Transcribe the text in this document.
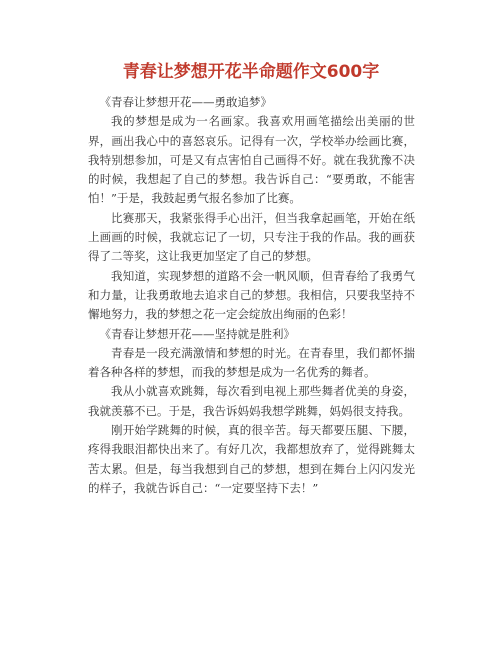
青春让梦想开花半命题作文600字

《青春让梦想开花——勇敢追梦》

我的梦想是成为一名画家。我喜欢用画笔描绘出美丽的世界，画出我心中的喜怒哀乐。记得有一次，学校举办绘画比赛，我特别想参加，可是又有点害怕自己画得不好。就在我犹豫不决的时候，我想起了自己的梦想。我告诉自己：“要勇敢，不能害怕！”于是，我鼓起勇气报名参加了比赛。

比赛那天，我紧张得手心出汗，但当我拿起画笔，开始在纸上画画的时候，我就忘记了一切，只专注于我的作品。我的画获得了二等奖，这让我更加坚定了自己的梦想。

我知道，实现梦想的道路不会一帆风顺，但青春给了我勇气和力量，让我勇敢地去追求自己的梦想。我相信，只要我坚持不懈地努力，我的梦想之花一定会绽放出绚丽的色彩！

《青春让梦想开花——坚持就是胜利》

青春是一段充满激情和梦想的时光。在青春里，我们都怀揣着各种各样的梦想，而我的梦想是成为一名优秀的舞者。

我从小就喜欢跳舞，每次看到电视上那些舞者优美的身姿，我就羡慕不已。于是，我告诉妈妈我想学跳舞，妈妈很支持我。

刚开始学跳舞的时候，真的很辛苦。每天都要压腿、下腰，疼得我眼泪都快出来了。有好几次，我都想放弃了，觉得跳舞太苦太累。但是，每当我想到自己的梦想，想到在舞台上闪闪发光的样子，我就告诉自己：“一定要坚持下去！”
